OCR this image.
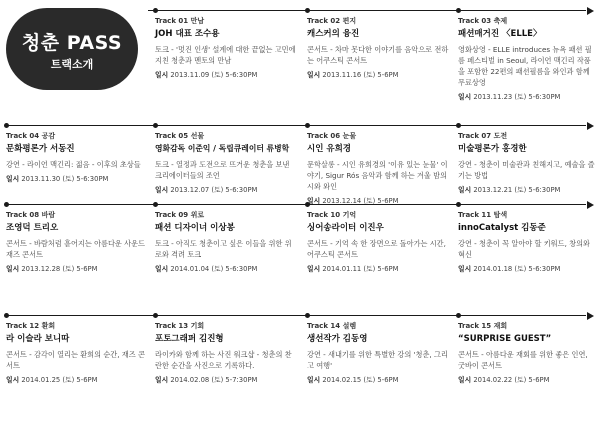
청춘 PASS
트랙소개
Track 01 만남
JOH 대표 조수용
토크 - '멋진 인생' 설계에 대한 끝없는 고민에 지친 청춘과 멘토의 만남
일시 2013.11.09 (토) 5-6:30PM
Track 02 편지
캐스커의 융진
콘서트 - 차마 못다한 이야기를 음악으로 전하는 어쿠스틱 콘서트
일시 2013.11.16 (토) 5-6PM
Track 03 축제
패션매거진 〈ELLE〉
영화상영 - ELLE introduces 뉴욕 패션 필름 페스티벌 in Seoul, 라이언 맥긴리 작품을 포함한 22편의 패션필름을 와인과 함께 무료상영
일시 2013.11.23 (토) 5-6:30PM
Track 04 공감
문화평론가 서동진
강연 - 라이언 맥긴리: 젊음 - 이후의 초상들
일시 2013.11.30 (토) 5-6:30PM
Track 05 선물
영화감독 이준익 / 독립큐레이터 류병학
토크 - 열정과 도전으로 뜨거운 청춘을 보낸 크리에이터들의 조언
일시 2013.12.07 (토) 5-6:30PM
Track 06 눈물
시인 유희경
문학살롱 - 시인 유희경의 '이유 있는 눈물' 이야기, Sigur Rós 음악과 함께 하는 겨울 밤의 시와 와인
일시 2013.12.14 (토) 5-6PM
Track 07 도전
미술평론가 홍경한
강연 - 청춘이 미술관과 친해지고, 예술을 즐기는 방법
일시 2013.12.21 (토) 5-6:30PM
Track 08 바람
조영덕 트리오
콘서트 - 바람처럼 흩어지는 아름다운 사운드 재즈 콘서트
일시 2013.12.28 (토) 5-6PM
Track 09 위로
패션 디자이너 이상봉
토크 - 아직도 청춘이고 싶은 이들을 위한 위로와 격려 토크
일시 2014.01.04 (토) 5-6:30PM
Track 10 기억
싱어송라이터 이진우
콘서트 - 기억 속 한 장면으로 돌아가는 시간, 어쿠스틱 콘서트
일시 2014.01.11 (토) 5-6PM
Track 11 탐색
innoCatalyst 김동준
강연 - 청춘이 꼭 알아야 할 키워드, 창의와 혁신
일시 2014.01.18 (토) 5-6:30PM
Track 12 환희
라 이슬라 보니따
콘서트 - 감각이 열리는 환희의 순간, 재즈 콘서트
일시 2014.01.25 (토) 5-6PM
Track 13 기회
포토그래퍼 김진형
라이카와 함께 하는 사진 워크샵 - 청춘의 찬란한 순간을 사진으로 기록하다.
일시 2014.02.08 (토) 5-7:30PM
Track 14 설렘
생선작가 김동영
강연 - 새내기를 위한 특별한 강의 '청춘, 그리고 여행'
일시 2014.02.15 (토) 5-6PM
Track 15 재회
“SURPRISE GUEST”
콘서트 - 아름다운 재회를 위한 좋은 인연, 굿바이 콘서트
일시 2014.02.22 (토) 5-6PM
